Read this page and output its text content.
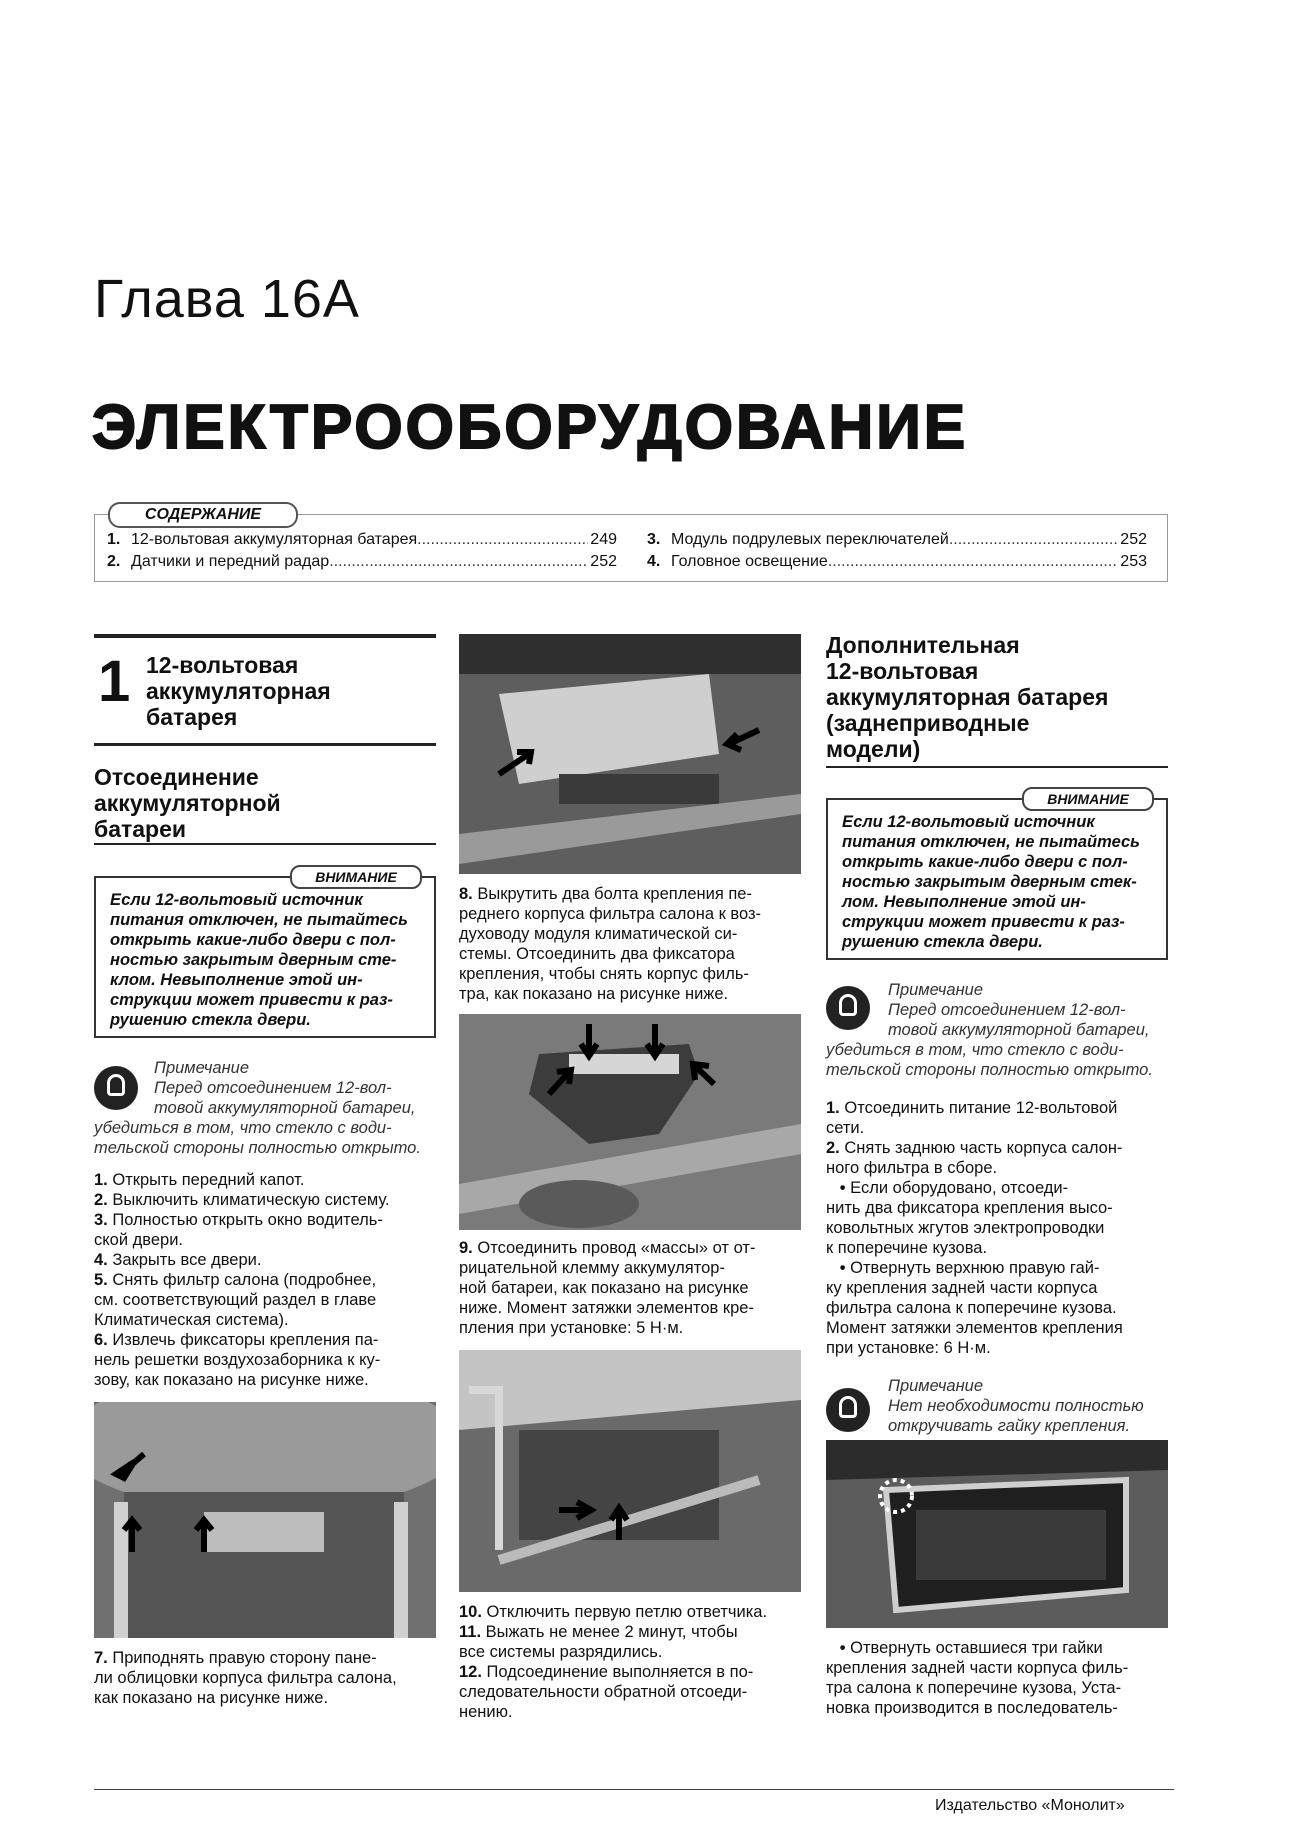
Глава 16А
ЭЛЕКТРООБОРУДОВАНИЕ
1. 12-вольтовая аккумуляторная батарея .....	249
2. Датчики и передний радар .....	252
3. Модуль подрулевых переключателей .....	252
4. Головное освещение .....	253
СОДЕРЖАНИЕ
1 12-вольтовая
аккумуляторная
батарея
Отсоединение
аккумуляторной
батареи
Если 12-вольтовый источник
питания отключен, не пытайтесь
открыть какие-либо двери с пол-
ностью закрытым дверным сте-
клом. Невыполнение этой ин-
струкции может привести к раз-
рушению стекла двери.
ВНИМАНИЕ
Примечание
Перед отсоединением 12-вол-
товой аккумуляторной батареи,
убедиться в том, что стекло с води-
тельской стороны полностью открыто.

1. Открыть передний капот.

2. Выключить климатическую систему.

3. Полностью открыть окно водитель-
ской двери.

4. Закрыть все двери.

5. Снять фильтр салона (подробнее,
см. соответствующий раздел в главе
Климатическая система).

6. Извлечь фиксаторы крепления па-
нель решетки воздухозаборника к ку-
зову, как показано на рисунке ниже.

7. Приподнять правую сторону пане-
ли облицовки корпуса фильтра салона,
как показано на рисунке ниже.

8. Выкрутить два болта крепления пе-
реднего корпуса фильтра салона к воз-
духоводу модуля климатической си-
стемы. Отсоединить два фиксатора
крепления, чтобы снять корпус филь-
тра, как показано на рисунке ниже.

9. Отсоединить провод «массы» от от-
рицательной клемму аккумулятор-
ной батареи, как показано на рисунке
ниже. Момент затяжки элементов кре-
пления при установке: 5 Н·м.

10. Отключить первую петлю ответчика.

11. Выжать не менее 2 минут, чтобы
все системы разрядились.

12. Подсоединение выполняется в по-
следовательности обратной отсоеди-
нению.

Дополнительная
12-вольтовая
аккумуляторная батарея
(заднеприводные
модели)
Если 12-вольтовый источник
питания отключен, не пытайтесь
открыть какие-либо двери с пол-
ностью закрытым дверным стек-
лом. Невыполнение этой ин-
струкции может привести к раз-
рушению стекла двери.
ВНИМАНИЕ
Примечание
Перед отсоединением 12-вол-
товой аккумуляторной батареи,
убедиться в том, что стекло с води-
тельской стороны полностью открыто.

1. Отсоединить питание 12-вольтовой
сети.

2. Снять заднюю часть корпуса салон-
ного фильтра в сборе.

• Если оборудовано, отсоеди-
нить два фиксатора крепления высо-
ковольтных жгутов электропроводки
к поперечине кузова.

• Отвернуть верхнюю правую гай-
ку крепления задней части корпуса
фильтра салона к поперечине кузова.
Момент затяжки элементов крепления
при установке: 6 Н·м.

Примечание
Нет необходимости полностью
откручивать гайку крепления.

• Отвернуть оставшиеся три гайки
крепления задней части корпуса филь-
тра салона к поперечине кузова, Уста-
новка производится в последователь-

Издательство «Монолит»
